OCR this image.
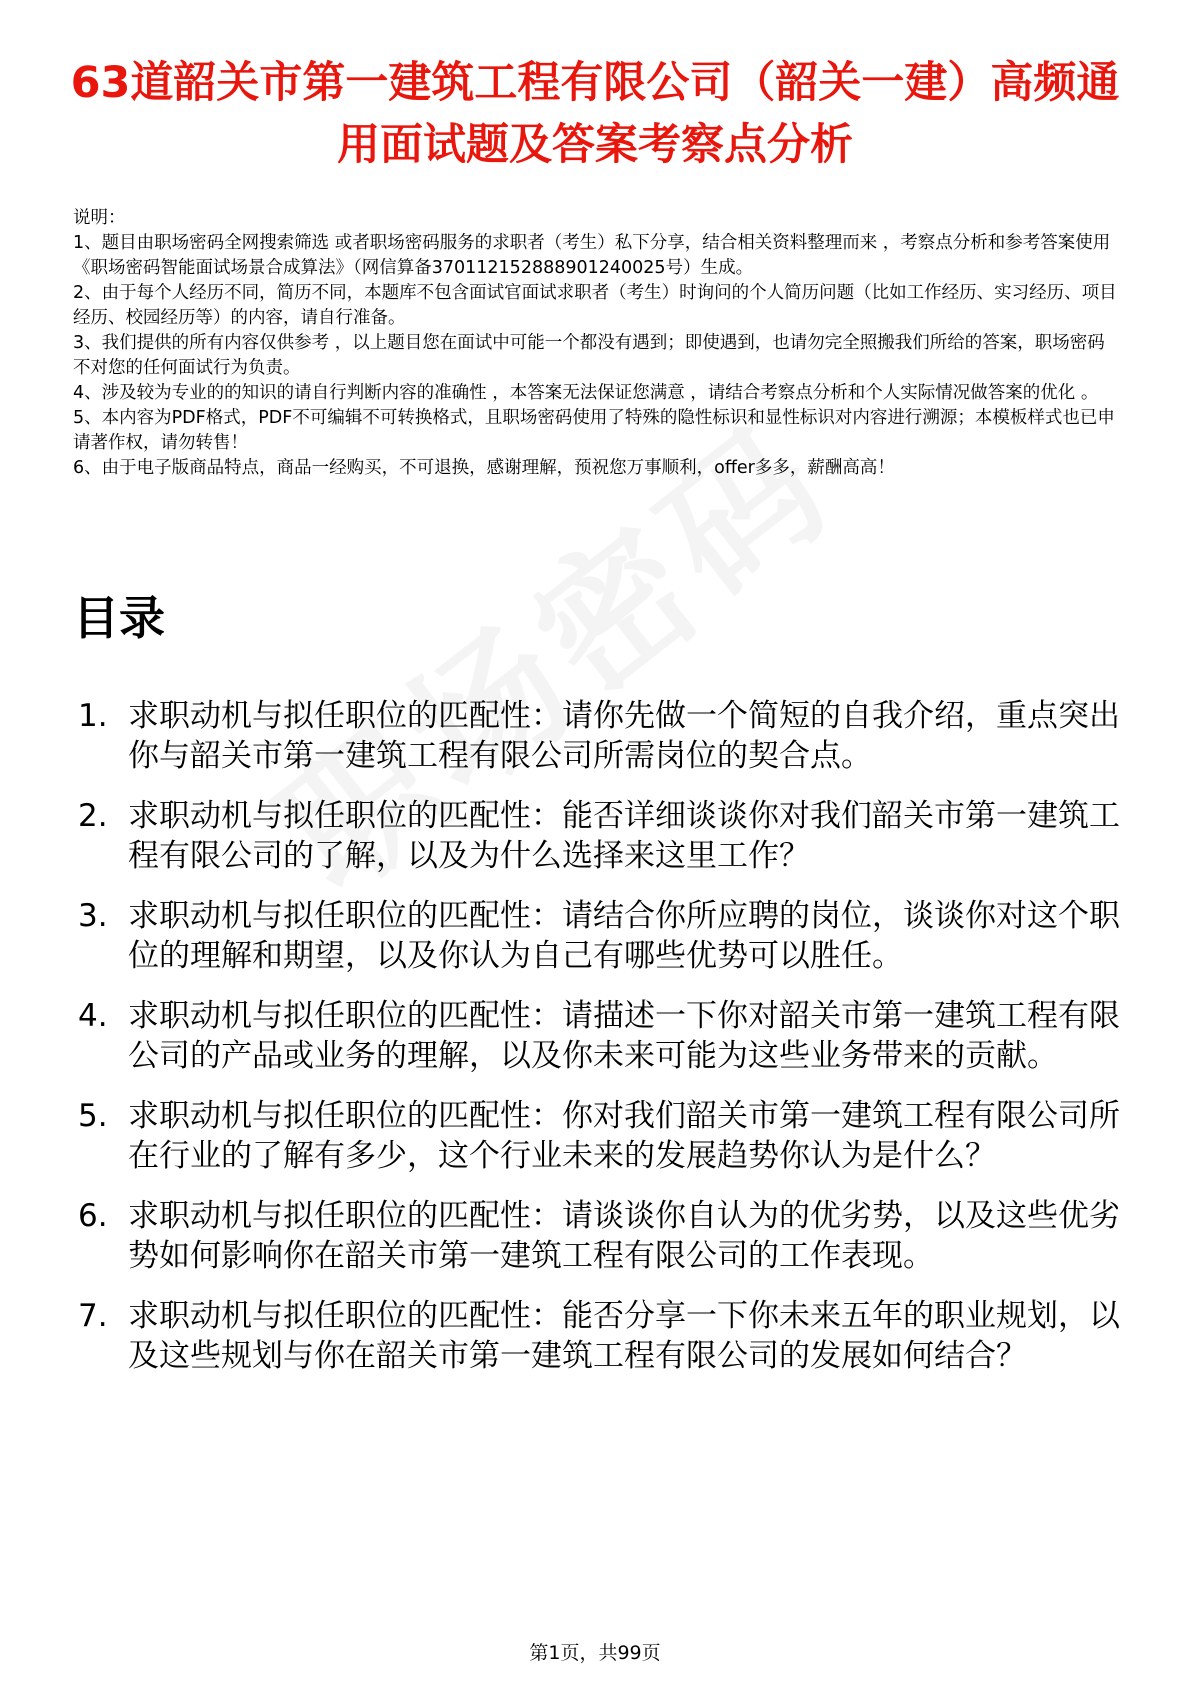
63道韶关市第一建筑工程有限公司（韶关一建）高频通用面试题及答案考察点分析

说明：

1、题目由职场密码全网搜索筛选 或者职场密码服务的求职者（考生）私下分享，结合相关资料整理而来 ，考察点分析和参考答案使用《职场密码智能面试场景合成算法》（网信算备370112152888901240025号）生成。

2、由于每个人经历不同，简历不同，本题库不包含面试官面试求职者（考生）时询问的个人简历问题（比如工作经历、实习经历、项目经历、校园经历等）的内容，请自行准备。

3、我们提供的所有内容仅供参考 ，以上题目您在面试中可能一个都没有遇到；即使遇到，也请勿完全照搬我们所给的答案，职场密码不对您的任何面试行为负责。

4、涉及较为专业的的知识的请自行判断内容的准确性 ，本答案无法保证您满意 ，请结合考察点分析和个人实际情况做答案的优化 。

5、本内容为PDF格式，PDF不可编辑不可转换格式，且职场密码使用了特殊的隐性标识和显性标识对内容进行溯源；本模板样式也已申请著作权，请勿转售！

6、由于电子版商品特点，商品一经购买，不可退换，感谢理解，预祝您万事顺利，offer多多，薪酬高高！

目录
1. 求职动机与拟任职位的匹配性：请你先做一个简短的自我介绍，重点突出你与韶关市第一建筑工程有限公司所需岗位的契合点。
2. 求职动机与拟任职位的匹配性：能否详细谈谈你对我们韶关市第一建筑工程有限公司的了解，以及为什么选择来这里工作？
3. 求职动机与拟任职位的匹配性：请结合你所应聘的岗位，谈谈你对这个职位的理解和期望，以及你认为自己有哪些优势可以胜任。
4. 求职动机与拟任职位的匹配性：请描述一下你对韶关市第一建筑工程有限公司的产品或业务的理解，以及你未来可能为这些业务带来的贡献。
5. 求职动机与拟任职位的匹配性：你对我们韶关市第一建筑工程有限公司所在行业的了解有多少，这个行业未来的发展趋势你认为是什么？
6. 求职动机与拟任职位的匹配性：请谈谈你自认为的优劣势，以及这些优劣势如何影响你在韶关市第一建筑工程有限公司的工作表现。
7. 求职动机与拟任职位的匹配性：能否分享一下你未来五年的职业规划，以及这些规划与你在韶关市第一建筑工程有限公司的发展如何结合？
第1页，共99页
